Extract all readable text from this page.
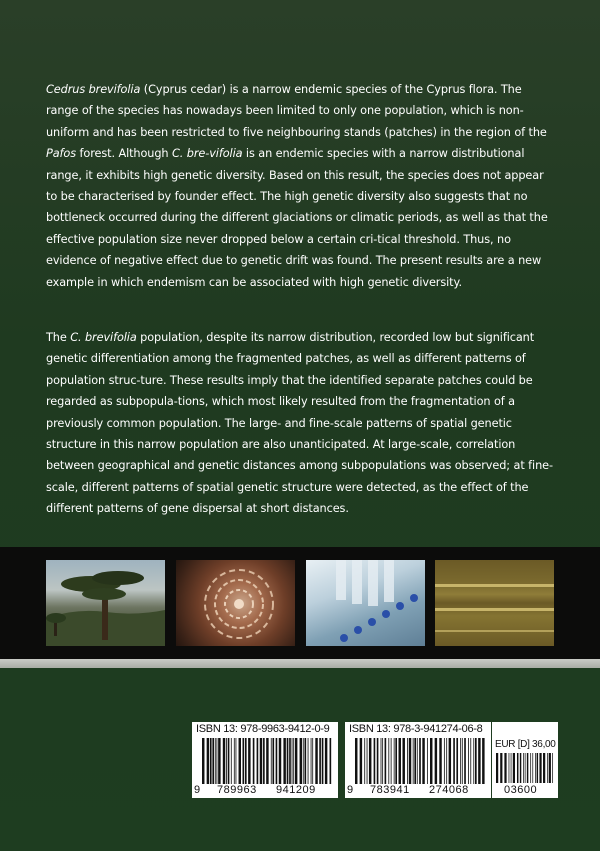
Cedrus brevifolia (Cyprus cedar) is a narrow endemic species of the Cyprus flora. The range of the species has nowadays been limited to only one population, which is non-uniform and has been restricted to five neighbouring stands (patches) in the region of the Pafos forest. Although C. bre-vifolia is an endemic species with a narrow distributional range, it exhibits high genetic diversity. Based on this result, the species does not appear to be characterised by founder effect. The high genetic diversity also suggests that no bottleneck occurred during the different glaciations or climatic periods, as well as that the effective population size never dropped below a certain cri-tical threshold. Thus, no evidence of negative effect due to genetic drift was found. The present results are a new example in which endemism can be associated with high genetic diversity.
The C. brevifolia population, despite its narrow distribution, recorded low but significant genetic differentiation among the fragmented patches, as well as different patterns of population struc-ture. These results imply that the identified separate patches could be regarded as subpopula-tions, which most likely resulted from the fragmentation of a previously common population. The large- and fine-scale patterns of spatial genetic structure in this narrow population are also unanticipated. At large-scale, correlation between geographical and genetic distances among subpopulations was observed; at fine-scale, different patterns of spatial genetic structure were detected, as the effect of the different patterns of gene dispersal at short distances.
ISBN 13: 978-9963-9412-0-9
9 789963 941209
ISBN 13: 978-3-941274-06-8
9 783941 274068
EUR [D] 36,00
03600
